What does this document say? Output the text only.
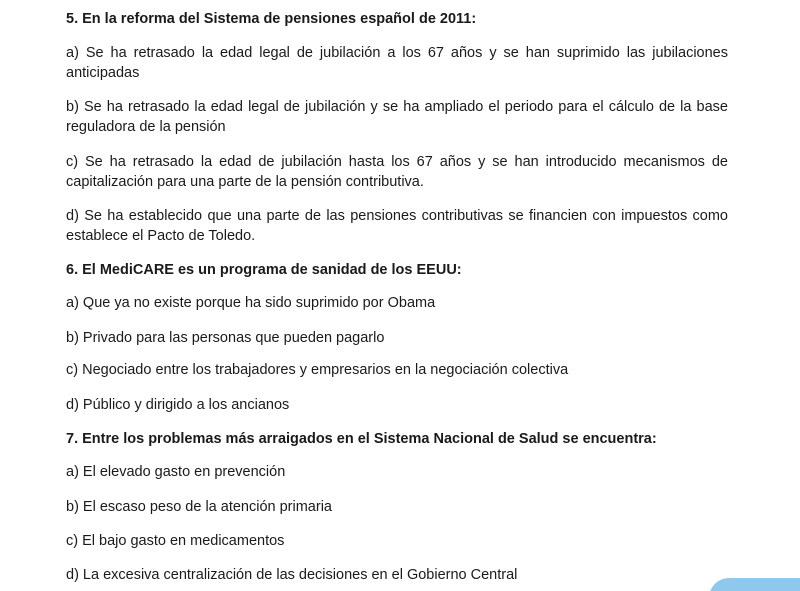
5. En la reforma del Sistema de pensiones español de 2011:
a) Se ha retrasado la edad legal de jubilación a los 67 años y se han suprimido las jubilaciones anticipadas
b) Se ha retrasado la edad legal de jubilación y se ha ampliado el periodo para el cálculo de la base reguladora de la pensión
c) Se ha retrasado la edad de jubilación hasta los 67 años y se han introducido mecanismos de capitalización para una parte de la pensión contributiva.
d) Se ha establecido que una parte de las pensiones contributivas se financien con impuestos como establece el Pacto de Toledo.
6. El MediCARE es un programa de sanidad de los EEUU:
a) Que ya no existe porque ha sido suprimido por Obama
b) Privado para las personas que pueden pagarlo
c) Negociado entre los trabajadores y empresarios en la negociación colectiva
d) Público y dirigido a los ancianos
7. Entre los problemas más arraigados en el Sistema Nacional de Salud se encuentra:
a) El elevado gasto en prevención
b) El escaso peso de la atención primaria
c) El bajo gasto en medicamentos
d) La excesiva centralización de las decisiones en el Gobierno Central
